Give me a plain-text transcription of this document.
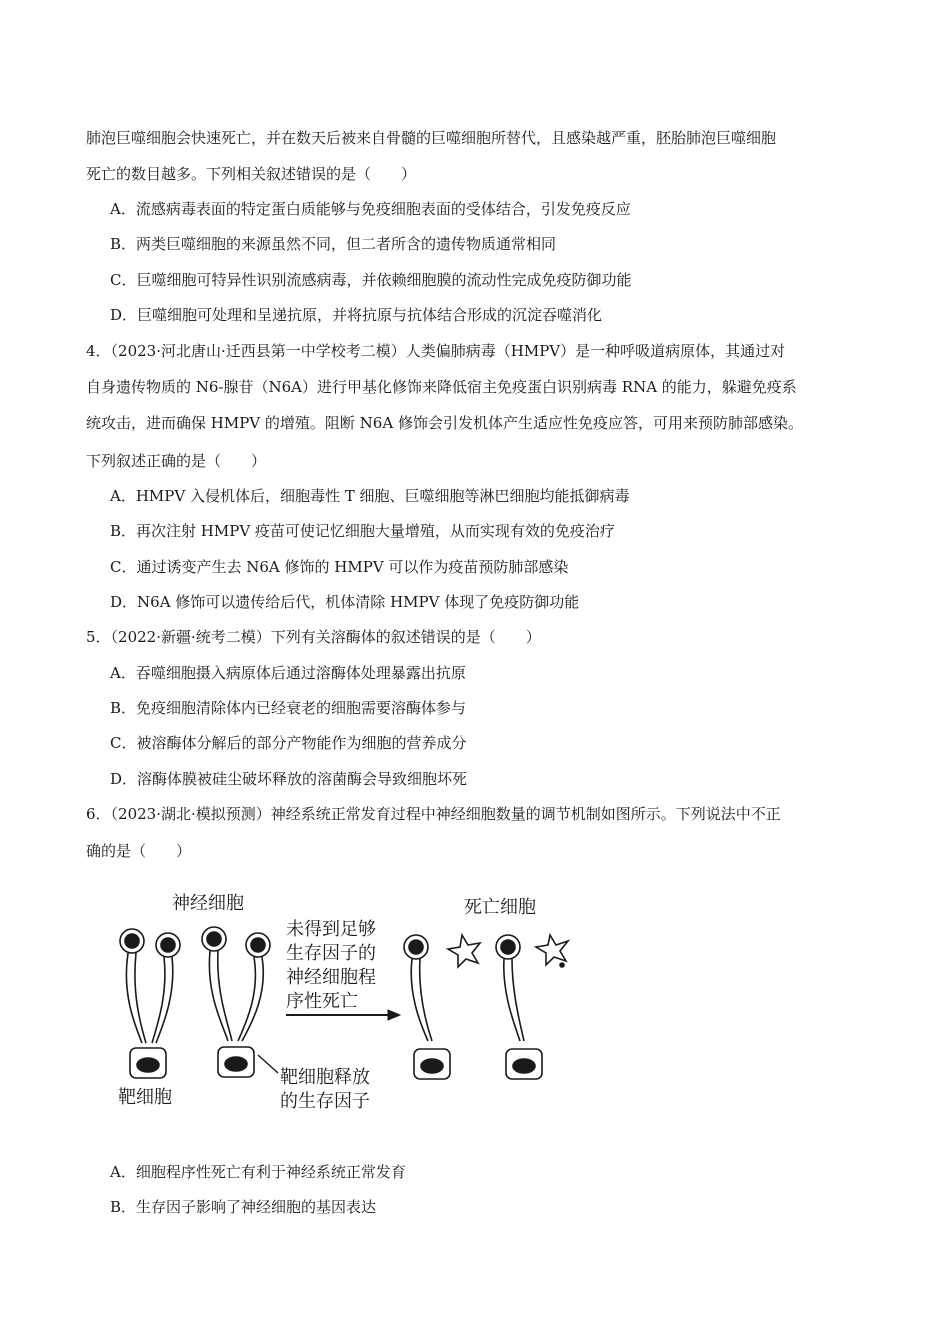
肺泡巨噬细胞会快速死亡，并在数天后被来自骨髓的巨噬细胞所替代，且感染越严重，胚胎肺泡巨噬细胞
死亡的数目越多。下列相关叙述错误的是（　　）
A．流感病毒表面的特定蛋白质能够与免疫细胞表面的受体结合，引发免疫反应
B．两类巨噬细胞的来源虽然不同，但二者所含的遗传物质通常相同
C．巨噬细胞可特异性识别流感病毒，并依赖细胞膜的流动性完成免疫防御功能
D．巨噬细胞可处理和呈递抗原，并将抗原与抗体结合形成的沉淀吞噬消化
4．（2023·河北唐山·迁西县第一中学校考二模）人类偏肺病毒（HMPV）是一种呼吸道病原体，其通过对
自身遗传物质的 N6-腺苷（N6A）进行甲基化修饰来降低宿主免疫蛋白识别病毒 RNA 的能力，躲避免疫系
统攻击，进而确保 HMPV 的增殖。阻断 N6A 修饰会引发机体产生适应性免疫应答，可用来预防肺部感染。
下列叙述正确的是（　　）
A．HMPV 入侵机体后，细胞毒性 T 细胞、巨噬细胞等淋巴细胞均能抵御病毒
B．再次注射 HMPV 疫苗可使记忆细胞大量增殖，从而实现有效的免疫治疗
C．通过诱变产生去 N6A 修饰的 HMPV 可以作为疫苗预防肺部感染
D．N6A 修饰可以遗传给后代，机体清除 HMPV 体现了免疫防御功能
5．（2022·新疆·统考二模）下列有关溶酶体的叙述错误的是（　　）
A．吞噬细胞摄入病原体后通过溶酶体处理暴露出抗原
B．免疫细胞清除体内已经衰老的细胞需要溶酶体参与
C．被溶酶体分解后的部分产物能作为细胞的营养成分
D．溶酶体膜被硅尘破坏释放的溶菌酶会导致细胞坏死
6．（2023·湖北·模拟预测）神经系统正常发育过程中神经细胞数量的调节机制如图所示。下列说法中不正
确的是（　　）
神经细胞	死亡细胞
未得到足够
生存因子的
神经细胞程
序性死亡
靶细胞
靶细胞释放
的生存因子
A．细胞程序性死亡有利于神经系统正常发育
B．生存因子影响了神经细胞的基因表达
